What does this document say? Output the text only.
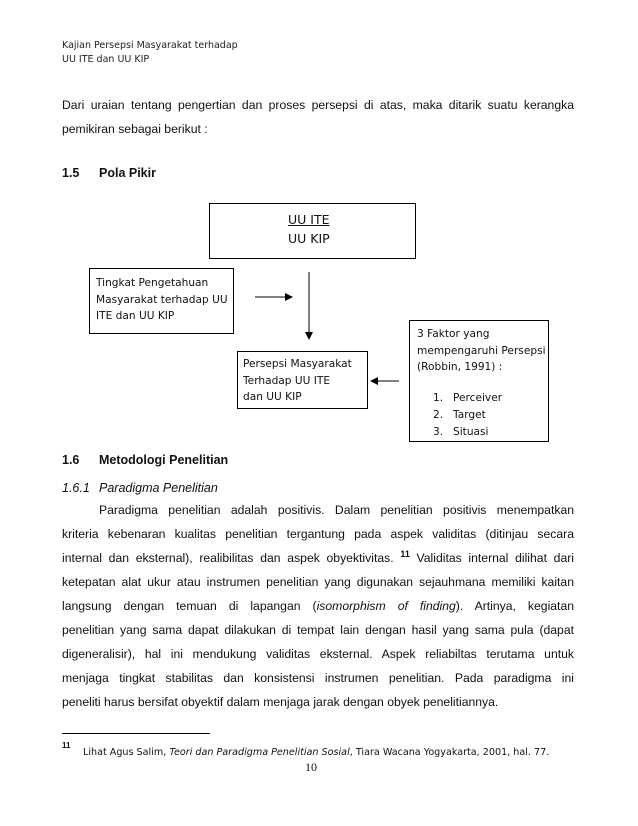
Kajian Persepsi Masyarakat terhadap
UU ITE dan UU KIP
Dari uraian tentang pengertian dan proses persepsi di atas, maka ditarik suatu kerangka
pemikiran sebagai berikut :
1.5 Pola Pikir
UU ITE
UU KIP
Tingkat Pengetahuan
Masyarakat terhadap UU
ITE dan UU KIP
Persepsi Masyarakat
Terhadap UU ITE
dan UU KIP
3 Faktor yang
mempengaruhi Persepsi
(Robbin, 1991) :
1. Perceiver
2. Target
3. Situasi
1.6 Metodologi Penelitian
1.6.1 Paradigma Penelitian
Paradigma penelitian adalah positivis. Dalam penelitian positivis menempatkan
kriteria kebenaran kualitas penelitian tergantung pada aspek validitas (ditinjau secara
internal dan eksternal), realibilitas dan aspek obyektivitas. $^{11}$ Validitas internal dilihat dari
ketepatan alat ukur atau instrumen penelitian yang digunakan sejauhmana memiliki kaitan
langsung dengan temuan di lapangan (isomorphism of finding). Artinya, kegiatan
penelitian yang sama dapat dilakukan di tempat lain dengan hasil yang sama pula (dapat
digeneralisir), hal ini mendukung validitas eksternal. Aspek reliabiltas terutama untuk
menjaga tingkat stabilitas dan konsistensi instrumen penelitian. Pada paradigma ini
peneliti harus bersifat obyektif dalam menjaga jarak dengan obyek penelitiannya.
11
Lihat Agus Salim, Teori dan Paradigma Penelitian Sosial, Tiara Wacana Yogyakarta, 2001, hal. 77.
10
